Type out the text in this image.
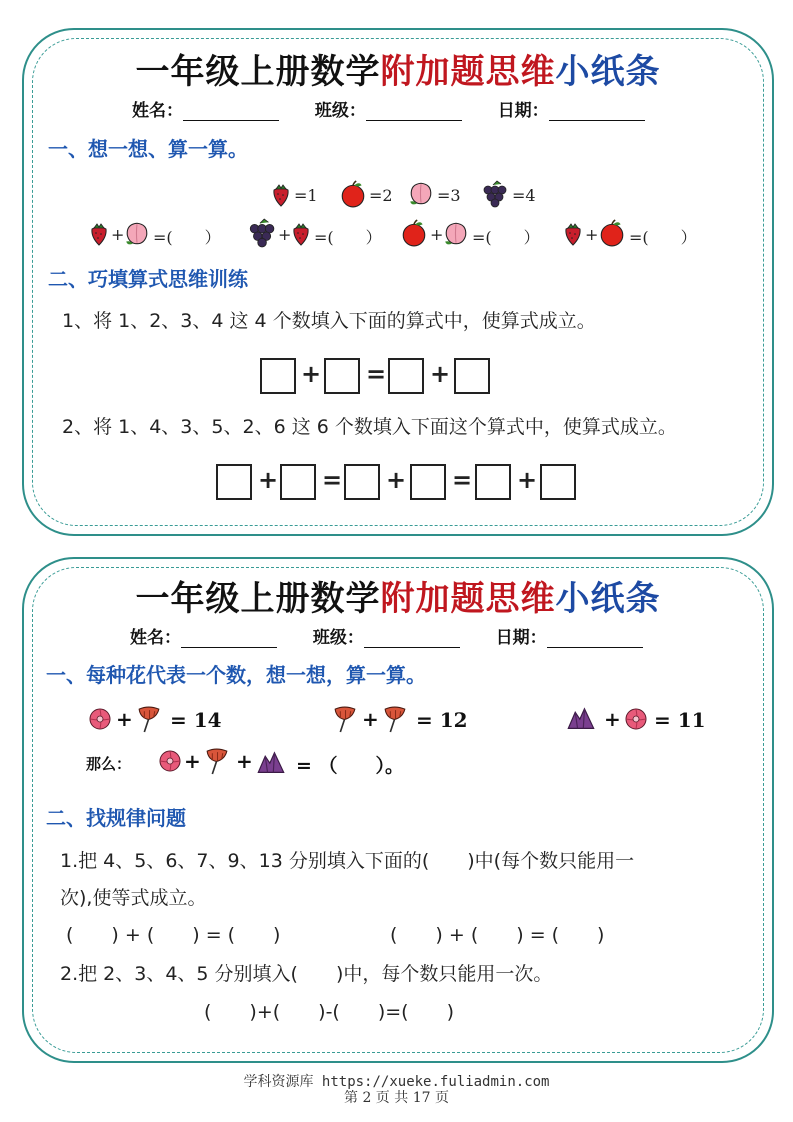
一年级上册数学附加题思维小纸条
姓名：	班级：	日期：
一、想一想、算一算。
=1	=2	=3	=4
+ =(　　）	+ =(　　）	+ =(　　）	+ =(　　）
二、巧填算式思维训练
1、将 1、2、3、4 这 4 个数填入下面的算式中，使算式成立。
+ = +
2、将 1、4、3、5、2、6 这 6 个数填入下面这个算式中，使算式成立。
+ = + = +
一年级上册数学附加题思维小纸条
姓名：	班级：	日期：
一、每种花代表一个数，想一想，算一算。
+ = 14	+ = 12	+ = 11
那么：	+ + = （　　）。
二、找规律问题
1.把 4、5、6、7、9、13 分别填入下面的(　　)中(每个数只能用一
次),使等式成立。
(　　) + (　　) = (　　)	(　　) + (　　) = (　　)
2.把 2、3、4、5 分别填入(　　)中，每个数只能用一次。
(　　)+(　　)-(　　)=(　　)
学科资源库 https://xueke.fuliadmin.com
第 2 页 共 17 页
